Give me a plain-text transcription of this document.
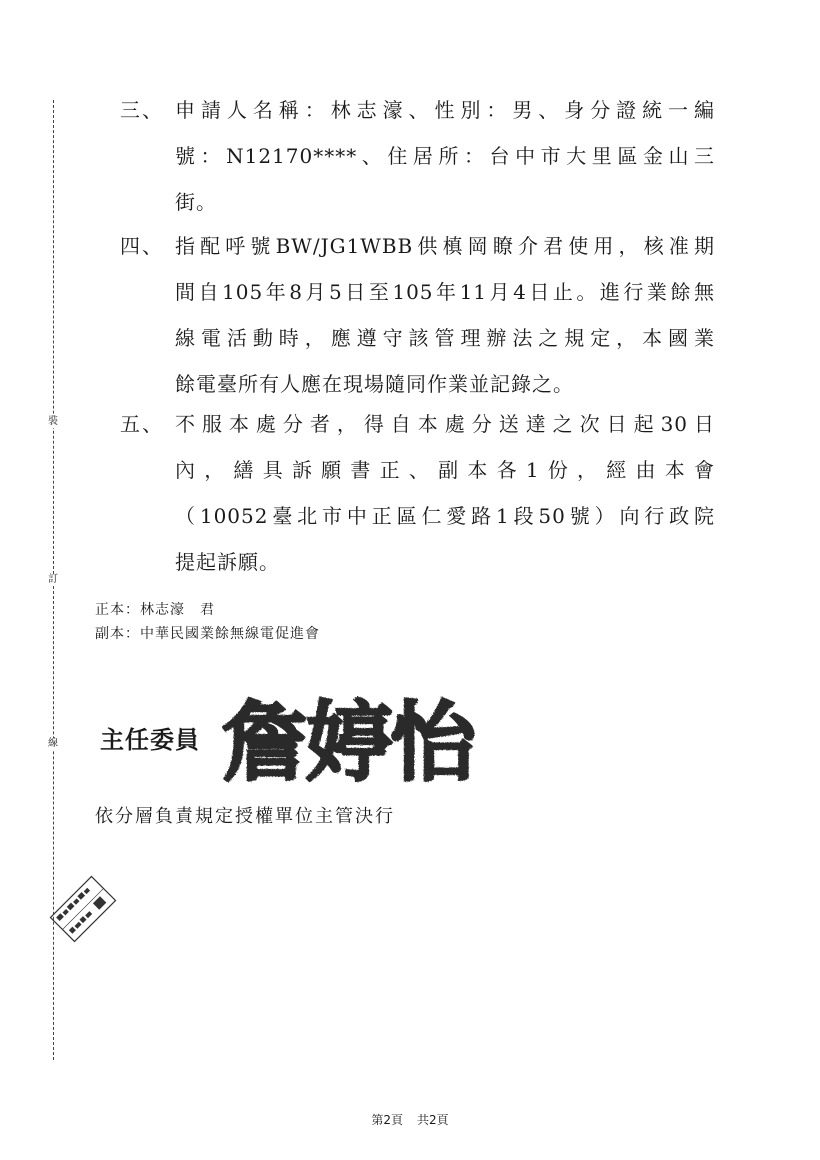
裝
訂
線
三、 申請人名稱：林志濠、性別：男、身分證統一編
號：N12170****、住居所：台中市大里區金山三
街。
四、 指配呼號BW/JG1WBB供槙岡瞭介君使用，核准期
間自105年8月5日至105年11月4日止。進行業餘無
線電活動時，應遵守該管理辦法之規定，本國業
餘電臺所有人應在現場隨同作業並記錄之。
五、 不服本處分者，得自本處分送達之次日起30日
內，繕具訴願書正、副本各1份，經由本會
（10052臺北市中正區仁愛路1段50號）向行政院
提起訴願。
正本：林志濠　君
副本：中華民國業餘無線電促進會
主任委員 詹婷怡
依分層負責規定授權單位主管決行
第2頁 共2頁
